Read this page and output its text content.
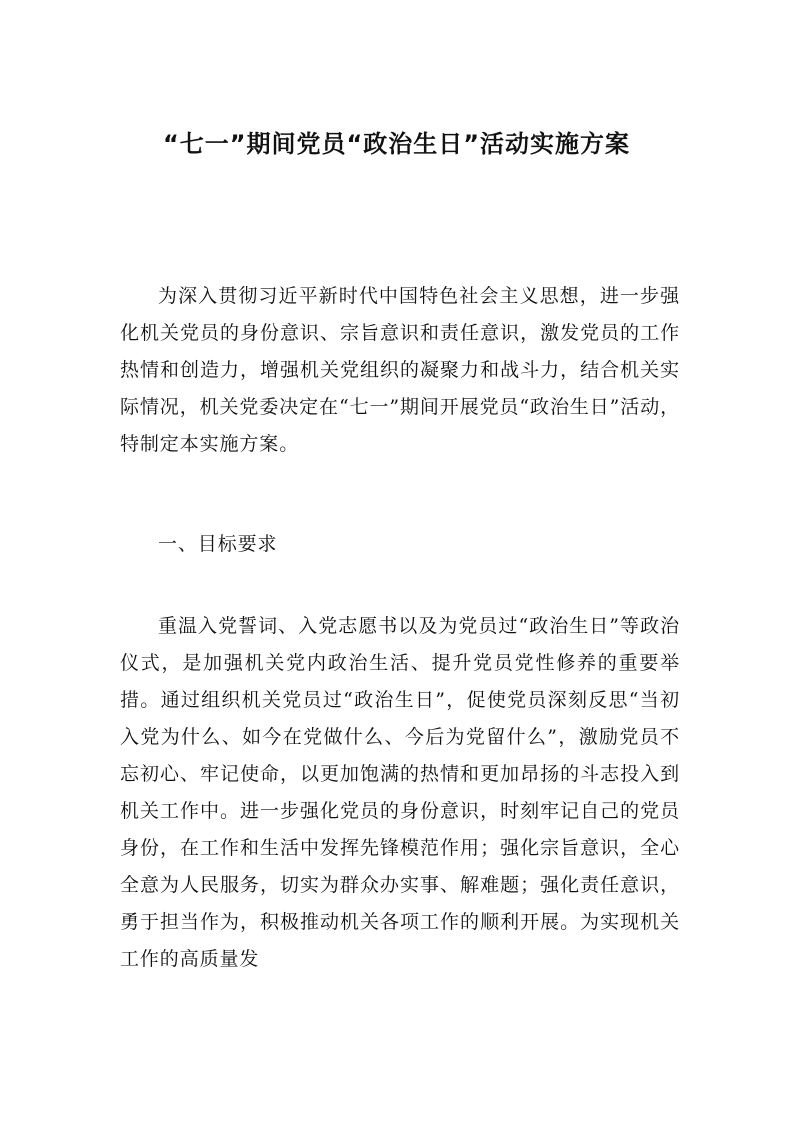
“七一”期间党员“政治生日”活动实施方案

为深入贯彻习近平新时代中国特色社会主义思想，进一步强化机关党员的身份意识、宗旨意识和责任意识，激发党员的工作热情和创造力，增强机关党组织的凝聚力和战斗力，结合机关实际情况，机关党委决定在“七一”期间开展党员“政治生日”活动，特制定本实施方案。

一、目标要求

重温入党誓词、入党志愿书以及为党员过“政治生日”等政治仪式，是加强机关党内政治生活、提升党员党性修养的重要举措。通过组织机关党员过“政治生日”，促使党员深刻反思“当初入党为什么、如今在党做什么、今后为党留什么”，激励党员不忘初心、牢记使命，以更加饱满的热情和更加昂扬的斗志投入到机关工作中。进一步强化党员的身份意识，时刻牢记自己的党员身份，在工作和生活中发挥先锋模范作用；强化宗旨意识，全心全意为人民服务，切实为群众办实事、解难题；强化责任意识，勇于担当作为，积极推动机关各项工作的顺利开展。为实现机关工作的高质量发
